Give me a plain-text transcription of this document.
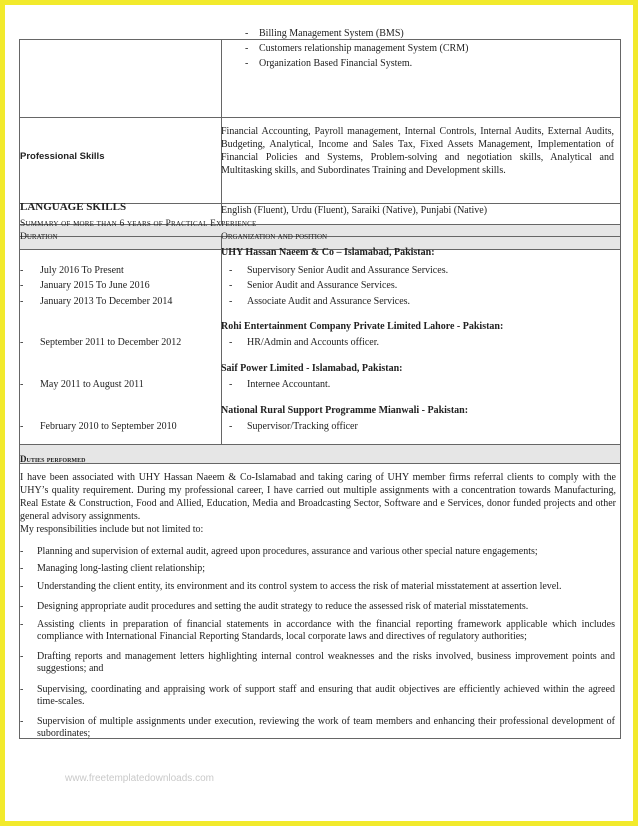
- Billing Management System (BMS)
- Customers relationship management System (CRM)
- Organization Based Financial System.
Professional Skills
Financial Accounting, Payroll management, Internal Controls, Internal Audits, External Audits, Budgeting, Analytical, Income and Sales Tax, Fixed Assets Management, Implementation of Financial Policies and Systems, Problem-solving and negotiation skills, Analytical and Multitasking skills, and Subordinates Training and Development skills.
LANGUAGE SKILLS	English (Fluent), Urdu (Fluent), Saraiki (Native), Punjabi (Native)
Summary of more than 6 years of Practical Experience
Duration	Organization and position
UHY Hassan Naeem & Co – Islamabad, Pakistan:
- July 2016 To Present	- Supervisory Senior Audit and Assurance Services.
- January 2015 To June 2016	- Senior Audit and Assurance Services.
- January 2013 To December 2014	- Associate Audit and Assurance Services.
Rohi Entertainment Company Private Limited Lahore - Pakistan:
- September 2011 to December 2012	- HR/Admin and Accounts officer.
Saif Power Limited - Islamabad, Pakistan:
- May 2011 to August 2011	- Internee Accountant.
National Rural Support Programme Mianwali - Pakistan:
- February 2010 to September 2010	- Supervisor/Tracking officer
Duties performed
I have been associated with UHY Hassan Naeem & Co-Islamabad and taking caring of UHY member firms referral clients to comply with the UHY’s quality requirement. During my professional career, I have carried out multiple assignments with a concentration towards Manufacturing, Real Estate & Construction, Food and Allied, Education, Media and Broadcasting Sector, Software and e Services, donor funded projects and other general advisory assignments.
My responsibilities include but not limited to:
- Planning and supervision of external audit, agreed upon procedures, assurance and various other special nature engagements;
- Managing long-lasting client relationship;
- Understanding the client entity, its environment and its control system to access the risk of material misstatement at assertion level.
- Designing appropriate audit procedures and setting the audit strategy to reduce the assessed risk of material misstatements.
- Assisting clients in preparation of financial statements in accordance with the financial reporting framework applicable which includes compliance with International Financial Reporting Standards, local corporate laws and directives of regulatory authorities;
- Drafting reports and management letters highlighting internal control weaknesses and the risks involved, business improvement points and suggestions; and
- Supervising, coordinating and appraising work of support staff and ensuring that audit objectives are efficiently achieved within the agreed time-scales.
- Supervision of multiple assignments under execution, reviewing the work of team members and enhancing their professional development of subordinates;
www.freetemplatedownloads.com
